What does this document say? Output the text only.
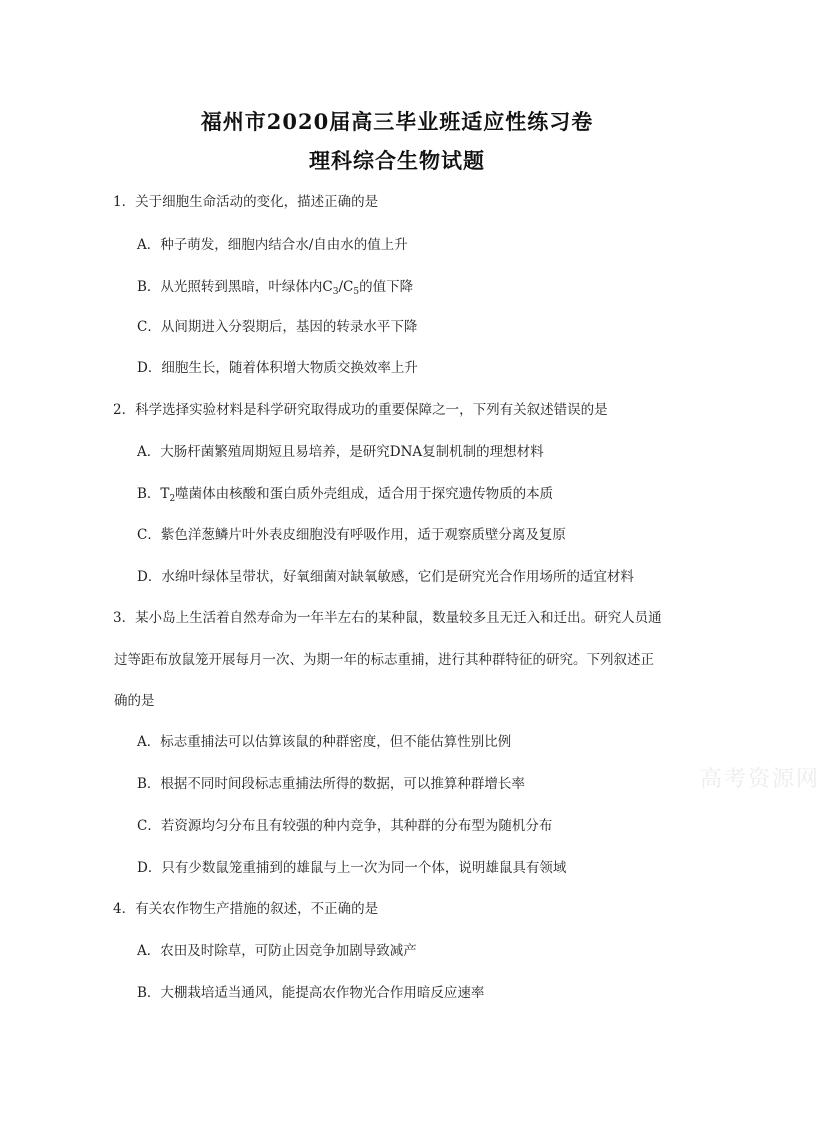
福州市2020届高三毕业班适应性练习卷
理科综合生物试题
1．关于细胞生命活动的变化，描述正确的是
A．种子萌发，细胞内结合水/自由水的值上升
B．从光照转到黑暗，叶绿体内$C_3/C_5$的值下降
C．从间期进入分裂期后，基因的转录水平下降
D．细胞生长，随着体积增大物质交换效率上升
2．科学选择实验材料是科学研究取得成功的重要保障之一，下列有关叙述错误的是
A．大肠杆菌繁殖周期短且易培养，是研究DNA复制机制的理想材料
B．$T_2$噬菌体由核酸和蛋白质外壳组成，适合用于探究遗传物质的本质
C．紫色洋葱鳞片叶外表皮细胞没有呼吸作用，适于观察质壁分离及复原
D．水绵叶绿体呈带状，好氧细菌对缺氧敏感，它们是研究光合作用场所的适宜材料
3．某小岛上生活着自然寿命为一年半左右的某种鼠，数量较多且无迁入和迁出。研究人员通
过等距布放鼠笼开展每月一次、为期一年的标志重捕，进行其种群特征的研究。下列叙述正
确的是
A．标志重捕法可以估算该鼠的种群密度，但不能估算性别比例
B．根据不同时间段标志重捕法所得的数据，可以推算种群增长率
C．若资源均匀分布且有较强的种内竞争，其种群的分布型为随机分布
D．只有少数鼠笼重捕到的雄鼠与上一次为同一个体，说明雄鼠具有领域
4．有关农作物生产措施的叙述，不正确的是
A．农田及时除草，可防止因竞争加剧导致减产
B．大棚栽培适当通风，能提高农作物光合作用暗反应速率
高考资源网
